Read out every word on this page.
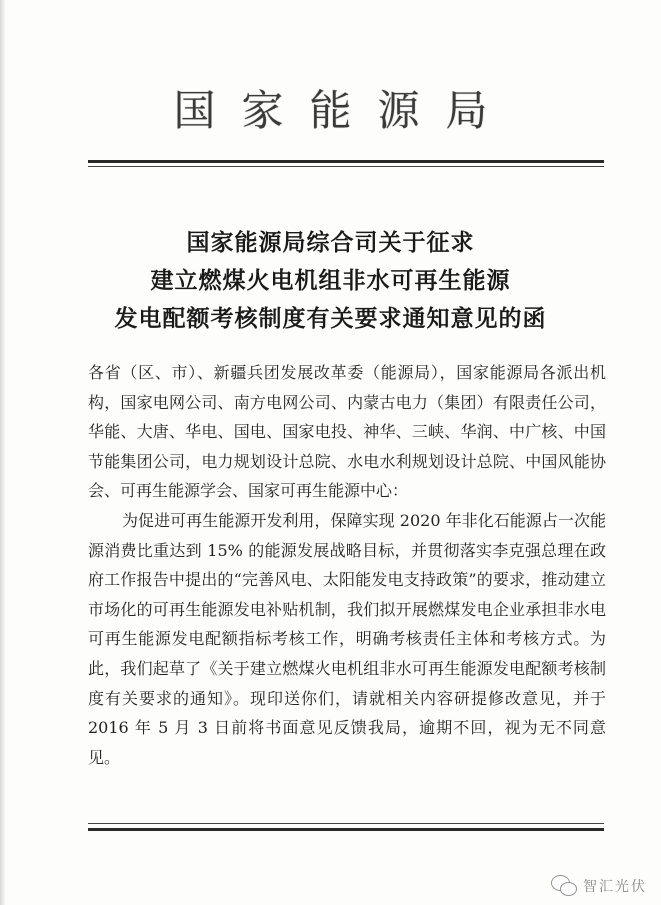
国家能源局
国家能源局综合司关于征求
建立燃煤火电机组非水可再生能源
发电配额考核制度有关要求通知意见的函

各省（区、市）、新疆兵团发展改革委（能源局），国家能源局各派出机构，国家电网公司、南方电网公司、内蒙古电力（集团）有限责任公司，华能、大唐、华电、国电、国家电投、神华、三峡、华润、中广核、中国节能集团公司，电力规划设计总院、水电水利规划设计总院、中国风能协会、可再生能源学会、国家可再生能源中心：

为促进可再生能源开发利用，保障实现 2020 年非化石能源占一次能源消费比重达到 15% 的能源发展战略目标，并贯彻落实李克强总理在政府工作报告中提出的“完善风电、太阳能发电支持政策”的要求，推动建立市场化的可再生能源发电补贴机制，我们拟开展燃煤发电企业承担非水电可再生能源发电配额指标考核工作，明确考核责任主体和考核方式。为此，我们起草了《关于建立燃煤火电机组非水可再生能源发电配额考核制度有关要求的通知》。现印送你们，请就相关内容研提修改意见，并于 2016 年 5 月 3 日前将书面意见反馈我局，逾期不回，视为无不同意见。

智汇光伏
